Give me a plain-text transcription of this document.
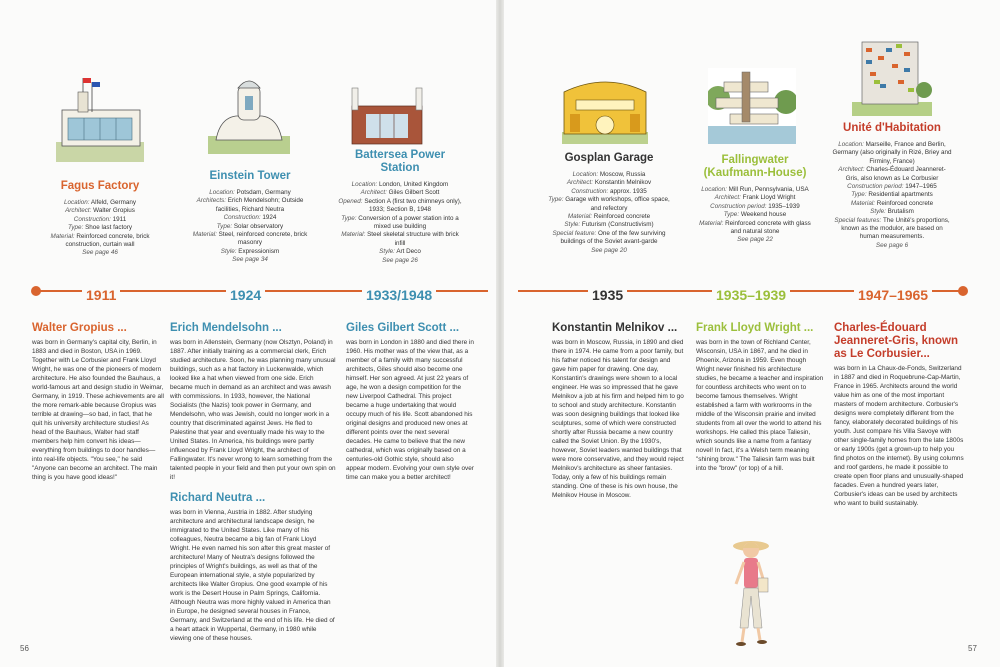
Fagus Factory
Location: Alfeld, Germany
Architect: Walter Gropius
Construction: 1911
Type: Shoe last factory
Material: Reinforced concrete, brick construction, curtain wall
See page 46
Einstein Tower
Location: Potsdam, Germany
Architects: Erich Mendelsohn; Outside facilities, Richard Neutra
Construction: 1924
Type: Solar observatory
Material: Steel, reinforced concrete, brick masonry
Style: Expressionism
See page 34
Battersea Power Station
Location: London, United Kingdom
Architect: Giles Gilbert Scott
Opened: Section A (first two chimneys only), 1933; Section B, 1948
Type: Conversion of a power station into a mixed use building
Material: Steel skeletal structure with brick infill
Style: Art Deco
See page 26
Gosplan Garage
Location: Moscow, Russia
Architect: Konstantin Melnikov
Construction: approx. 1935
Type: Garage with workshops, office space, and refectory
Material: Reinforced concrete
Style: Futurism (Constructivism)
Special feature: One of the few surviving buildings of the Soviet avant-garde
See page 20
Fallingwater (Kaufmann-House)
Location: Mill Run, Pennsylvania, USA
Architect: Frank Lloyd Wright
Construction period: 1935–1939
Type: Weekend house
Material: Reinforced concrete with glass and natural stone
See page 22
Unité d'Habitation
Location: Marseille, France and Berlin, Germany (also originally in Rizé, Briey and Firminy, France)
Architect: Charles-Édouard Jeanneret-Gris, also known as Le Corbusier
Construction period: 1947–1965
Type: Residential apartments
Material: Reinforced concrete
Style: Brutalism
Special features: The Unité's proportions, known as the modulor, are based on human measurements.
See page 6
1911	1924	1933/1948	1935	1935–1939	1947–1965
Walter Gropius ...

was born in Germany's capital city, Berlin, in 1883 and died in Boston, USA in 1969. Together with Le Corbusier and Frank Lloyd Wright, he was one of the pioneers of modern architecture. He also founded the Bauhaus, a world-famous art and design studio in Weimar, Germany, in 1919. These achievements are all the more remark-able because Gropius was terrible at drawing—so bad, in fact, that he quit his university architecture studies! As head of the Bauhaus, Walter had staff members help him convert his ideas—everything from buildings to door handles—into real-life objects. "You see," he said "Anyone can become an architect. The main thing is you have good ideas!"

Erich Mendelsohn ...

was born in Allenstein, Germany (now Olsztyn, Poland) in 1887. After initially training as a commercial clerk, Erich studied architecture. Soon, he was planning many unusual buildings, such as a hat factory in Luckenwalde, which looked like a hat when viewed from one side. Erich became much in demand as an architect and was awash with commissions. In 1933, however, the National Socialists (the Nazis) took power in Germany, and Mendelsohn, who was Jewish, could no longer work in a country that discriminated against Jews. He fled to Palestine that year and eventually made his way to the United States. In America, his buildings were partly influenced by Frank Lloyd Wright, the architect of Fallingwater. It's never wrong to learn something from the talented people in your field and then put your own spin on it!

Richard Neutra ...

was born in Vienna, Austria in 1882. After studying architecture and architectural landscape design, he immigrated to the United States. Like many of his colleagues, Neutra became a big fan of Frank Lloyd Wright. He even named his son after this great master of architecture! Many of Neutra's designs followed the principles of Wright's buildings, as well as that of the European international style, a style popularized by architects like Walter Gropius. One good example of his work is the Desert House in Palm Springs, California. Although Neutra was more highly valued in America than in Europe, he designed several houses in France, Germany, and Switzerland at the end of his life. He died of a heart attack in Wuppertal, Germany, in 1980 while viewing one of these houses.

Giles Gilbert Scott ...

was born in London in 1880 and died there in 1960. His mother was of the view that, as a member of a family with many successful architects, Giles should also become one himself. Her son agreed. At just 22 years of age, he won a design competition for the new Liverpool Cathedral. This project became a huge undertaking that would occupy much of his life. Scott abandoned his original designs and produced new ones at different points over the next several decades. He came to believe that the new cathedral, which was originally based on a centuries-old Gothic style, should also appear modern. Evolving your own style over time can make you a better architect!

Konstantin Melnikov ...

was born in Moscow, Russia, in 1890 and died there in 1974. He came from a poor family, but his father noticed his talent for design and gave him paper for drawing. One day, Konstantin's drawings were shown to a local engineer. He was so impressed that he gave Melnikov a job at his firm and helped him to go to school and study architecture. Konstantin was soon designing buildings that looked like sculptures, some of which were constructed shortly after Russia became a new country called the Soviet Union. By the 1930's, however, Soviet leaders wanted buildings that were more conservative, and they would reject Melnikov's architecture as sheer fantasies. Today, only a few of his buildings remain standing. One of these is his own house, the Melnikov House in Moscow.

Frank Lloyd Wright ...

was born in the town of Richland Center, Wisconsin, USA in 1867, and he died in Phoenix, Arizona in 1959. Even though Wright never finished his architecture studies, he became a teacher and inspiration for countless architects who went on to become famous themselves. Wright established a farm with workrooms in the middle of the Wisconsin prairie and invited students from all over the world to attend his workshops. He called this place Taliesin, which sounds like a name from a fantasy novel! In fact, it's a Welsh term meaning "shining brow." The Taliesin farm was built into the "brow" (or top) of a hill.

Charles-Édouard Jeanneret-Gris, known as Le Corbusier...

was born in La Chaux-de-Fonds, Switzerland in 1887 and died in Roquebrune-Cap-Martin, France in 1965. Architects around the world value him as one of the most important masters of modern architecture. Corbusier's designs were completely different from the fancy, elaborately decorated buildings of his youth. Just compare his Villa Savoye with other single-family homes from the late 1800s or early 1900s (get a grown-up to help you find photos on the internet). By using columns and roof gardens, he made it possible to create open floor plans and unusually-shaped facades. Even a hundred years later, Corbusier's ideas can be used by architects who want to build sustainably.

56	57
